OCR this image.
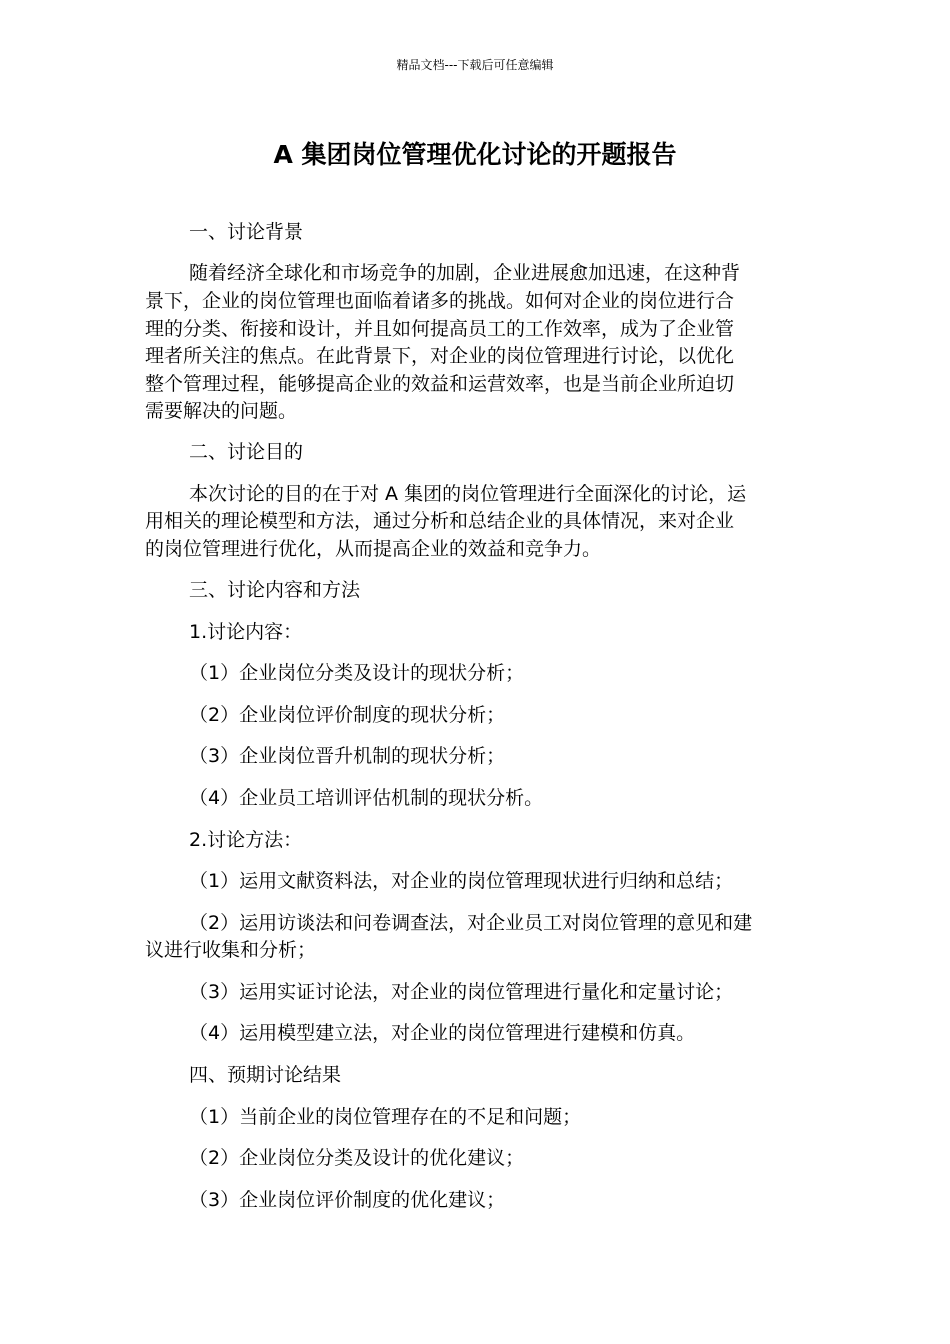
精品文档---下载后可任意编辑
A 集团岗位管理优化讨论的开题报告
一、讨论背景
随着经济全球化和市场竞争的加剧，企业进展愈加迅速，在这种背
景下，企业的岗位管理也面临着诸多的挑战。如何对企业的岗位进行合
理的分类、衔接和设计，并且如何提高员工的工作效率，成为了企业管
理者所关注的焦点。在此背景下，对企业的岗位管理进行讨论，以优化
整个管理过程，能够提高企业的效益和运营效率，也是当前企业所迫切
需要解决的问题。
二、讨论目的
本次讨论的目的在于对 A 集团的岗位管理进行全面深化的讨论，运
用相关的理论模型和方法，通过分析和总结企业的具体情况，来对企业
的岗位管理进行优化，从而提高企业的效益和竞争力。
三、讨论内容和方法
1.讨论内容：
（1）企业岗位分类及设计的现状分析；
（2）企业岗位评价制度的现状分析；
（3）企业岗位晋升机制的现状分析；
（4）企业员工培训评估机制的现状分析。
2.讨论方法：
（1）运用文献资料法，对企业的岗位管理现状进行归纳和总结；
（2）运用访谈法和问卷调查法，对企业员工对岗位管理的意见和建
议进行收集和分析；
（3）运用实证讨论法，对企业的岗位管理进行量化和定量讨论；
（4）运用模型建立法，对企业的岗位管理进行建模和仿真。
四、预期讨论结果
（1）当前企业的岗位管理存在的不足和问题；
（2）企业岗位分类及设计的优化建议；
（3）企业岗位评价制度的优化建议；
